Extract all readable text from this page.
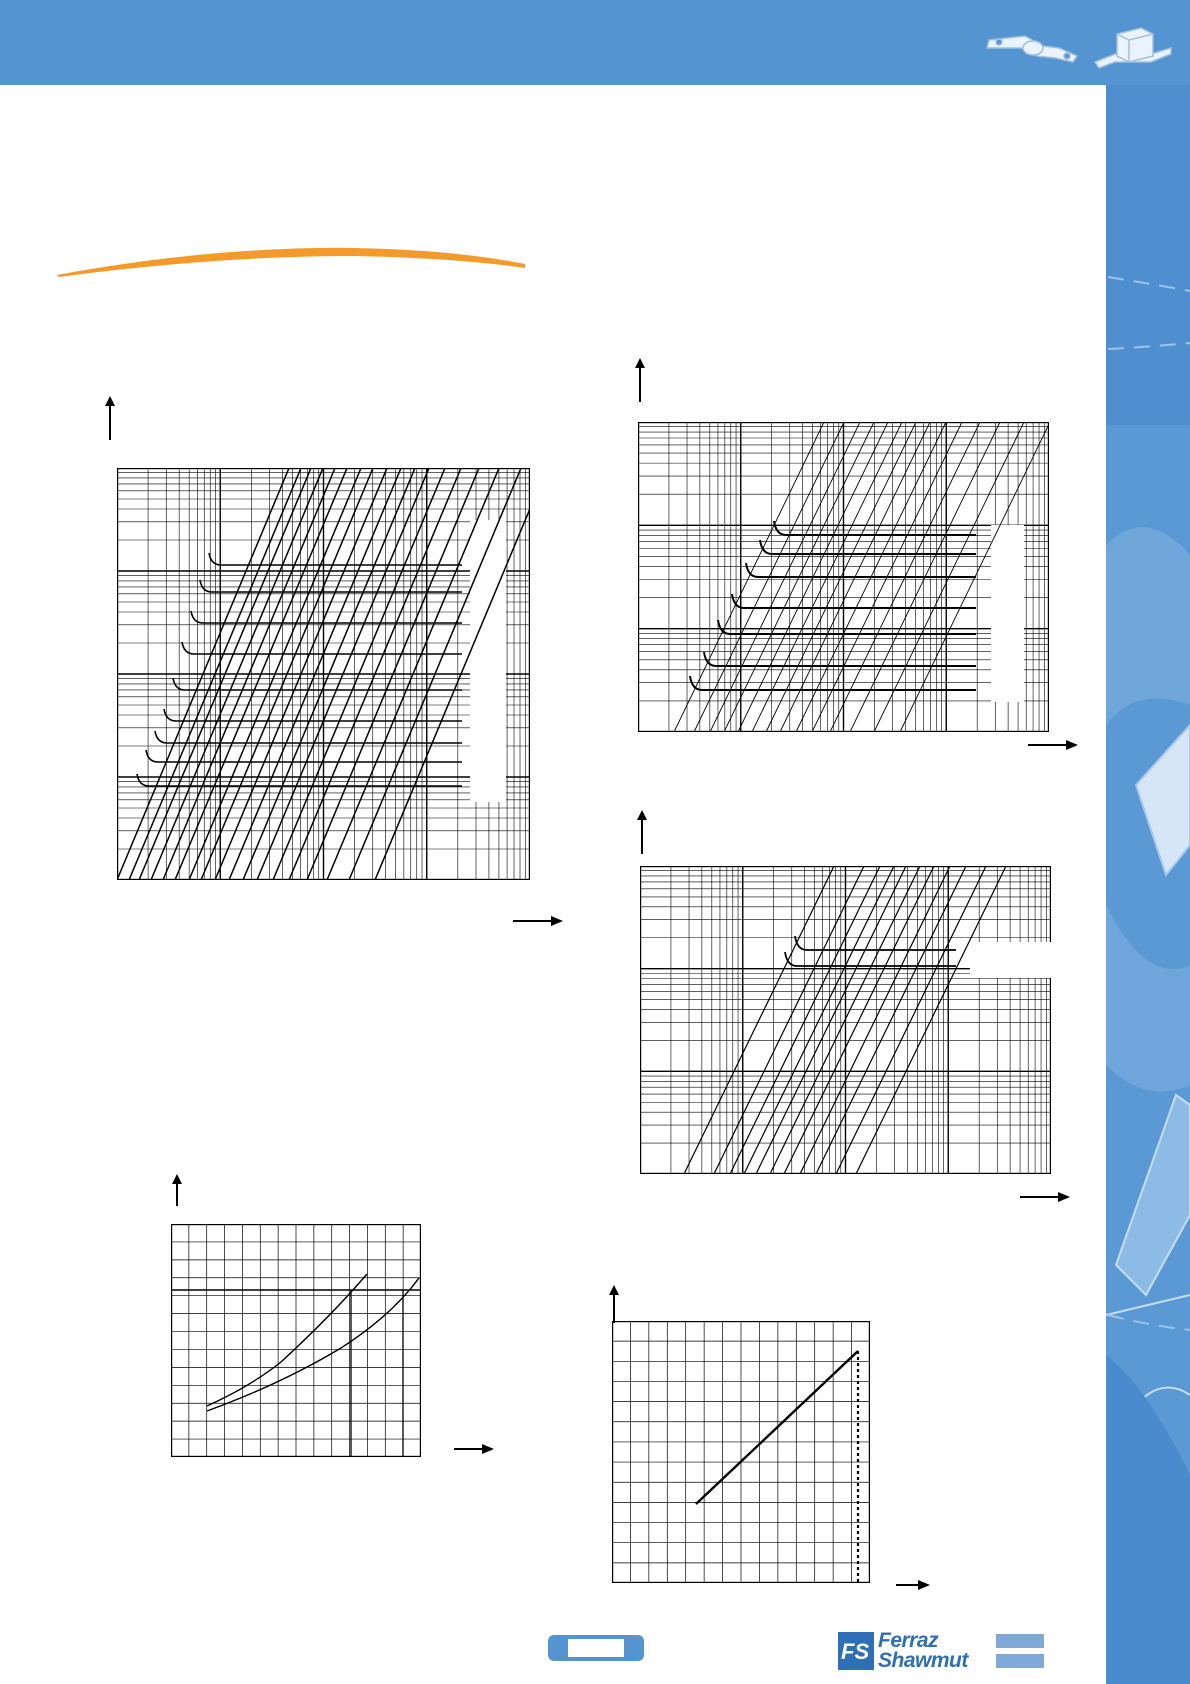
FS Ferraz
Shawmut
